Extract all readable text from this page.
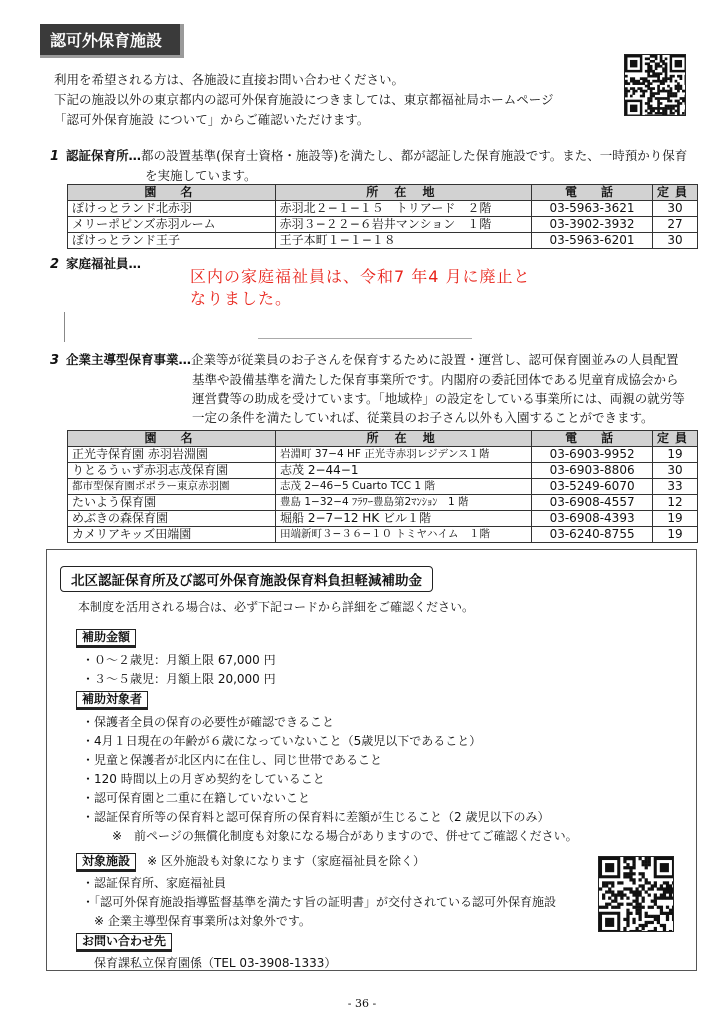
認可外保育施設
利用を希望される方は、各施設に直接お問い合わせください。
下記の施設以外の東京都内の認可外保育施設につきましては、東京都福祉局ホームページ
「認可外保育施設 について」からご確認いただけます。
1 認証保育所…都の設置基準(保育士資格・施設等)を満たし、都が認証した保育施設です。また、一時預かり保育
を実施しています。
園　名	所 在 地	電　話	定員
ぽけっとランド北赤羽	赤羽北２−１−１５　トリアード　２階	03-5963-3621	30
メリーポピンズ赤羽ルーム	赤羽３−２２−６岩井マンション　１階	03-3902-3932	27
ぽけっとランド王子	王子本町１−１−１８	03-5963-6201	30
2 家庭福祉員…
区内の家庭福祉員は、令和7 年4 月に廃止と
なりました。
3 企業主導型保育事業…企業等が従業員のお子さんを保育するために設置・運営し、認可保育園並みの人員配置
基準や設備基準を満たした保育事業所です。内閣府の委託団体である児童育成協会から
運営費等の助成を受けています。「地域枠」の設定をしている事業所には、両親の就労等
一定の条件を満たしていれば、従業員のお子さん以外も入園することができます。
園　名	所 在 地	電　話	定員
正光寺保育園 赤羽岩淵園	岩淵町 37−4 HF 正光寺赤羽レジデンス１階	03-6903-9952	19
りとるうぃず赤羽志茂保育園	志茂 2−44−1	03-6903-8806	30
都市型保育園ポポラー東京赤羽園	志茂 2−46−5 Cuarto TCC 1 階	03-5249-6070	33
たいよう保育園	豊島 1−32−4 ﾌﾗﾜｰ豊島第2ﾏﾝｼｮﾝ　1 階	03-6908-4557	12
めぶきの森保育園	堀船 2−7−12 HK ビル１階	03-6908-4393	19
カメリアキッズ田端園	田端新町３−３６−１０ トミヤハイム　１階	03-6240-8755	19
北区認証保育所及び認可外保育施設保育料負担軽減補助金
本制度を活用される場合は、必ず下記コードから詳細をご確認ください。
補助金額
・０〜２歳児：月額上限 67,000 円
・３〜５歳児：月額上限 20,000 円
補助対象者
・保護者全員の保育の必要性が確認できること
・4月１日現在の年齢が６歳になっていないこと（5歳児以下であること）
・児童と保護者が北区内に在住し、同じ世帯であること
・120 時間以上の月ぎめ契約をしていること
・認可保育園と二重に在籍していないこと
・認証保育所等の保育料と認可保育所の保育料に差額が生じること（2 歳児以下のみ）
※　前ページの無償化制度も対象になる場合がありますので、併せてご確認ください。
対象施設 ※ 区外施設も対象になります（家庭福祉員を除く）
・認証保育所、家庭福祉員
・「認可外保育施設指導監督基準を満たす旨の証明書」が交付されている認可外保育施設
※ 企業主導型保育事業所は対象外です。
お問い合わせ先
保育課私立保育園係（TEL 03-3908-1333）
- 36 -
